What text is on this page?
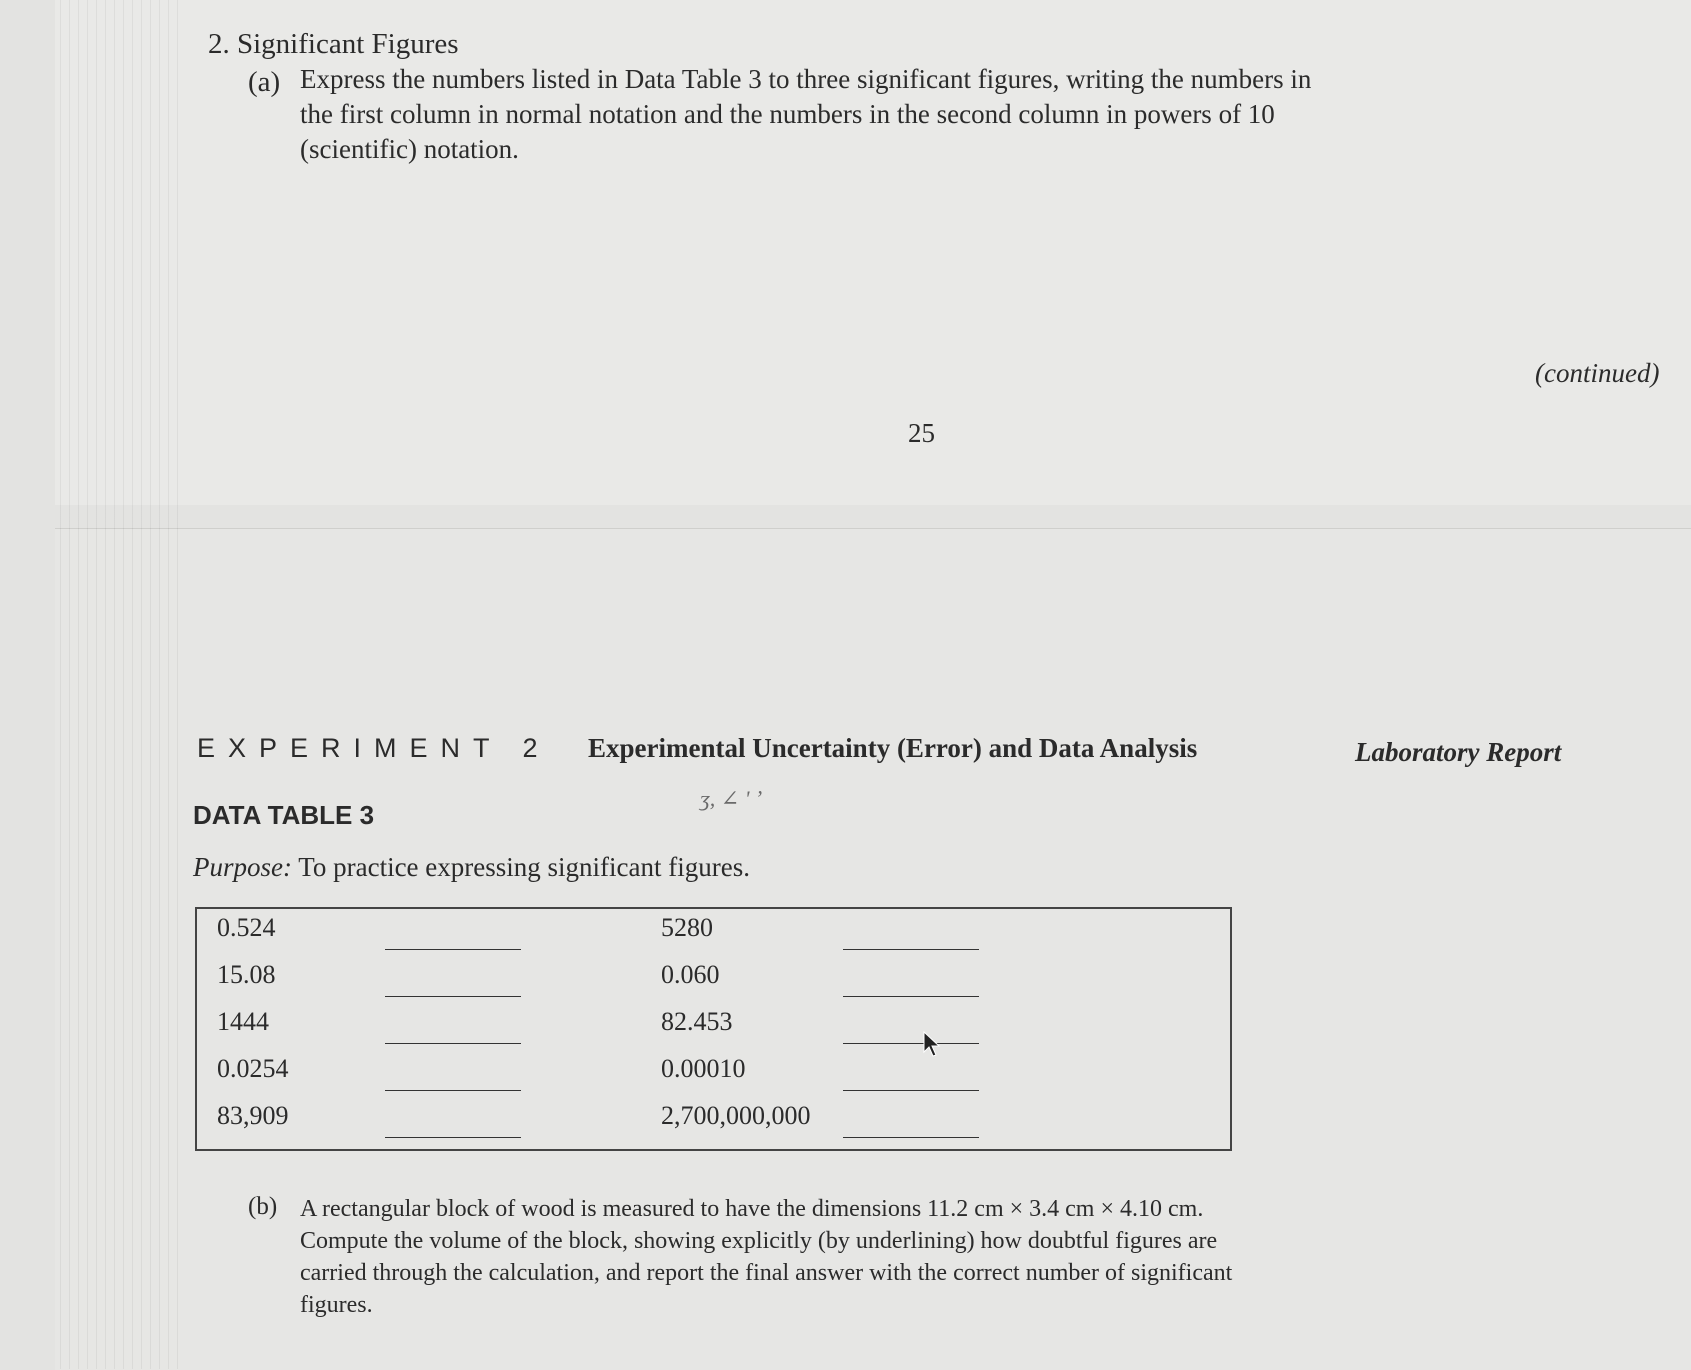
2. Significant Figures
(a) Express the numbers listed in Data Table 3 to three significant figures, writing the numbers in the first column in normal notation and the numbers in the second column in powers of 10 (scientific) notation.
(continued)
25
EXPERIMENT 2 Experimental Uncertainty (Error) and Data Analysis	Laboratory Report
DATA TABLE 3
ʒ, ∠ ' ʼ
Purpose: To practice expressing significant figures.
0.524	5280
15.08	0.060
1444	82.453
0.0254	0.00010
83,909	2,700,000,000
(b) A rectangular block of wood is measured to have the dimensions 11.2 cm × 3.4 cm × 4.10 cm. Compute the volume of the block, showing explicitly (by underlining) how doubtful figures are carried through the calculation, and report the final answer with the correct number of significant figures.
